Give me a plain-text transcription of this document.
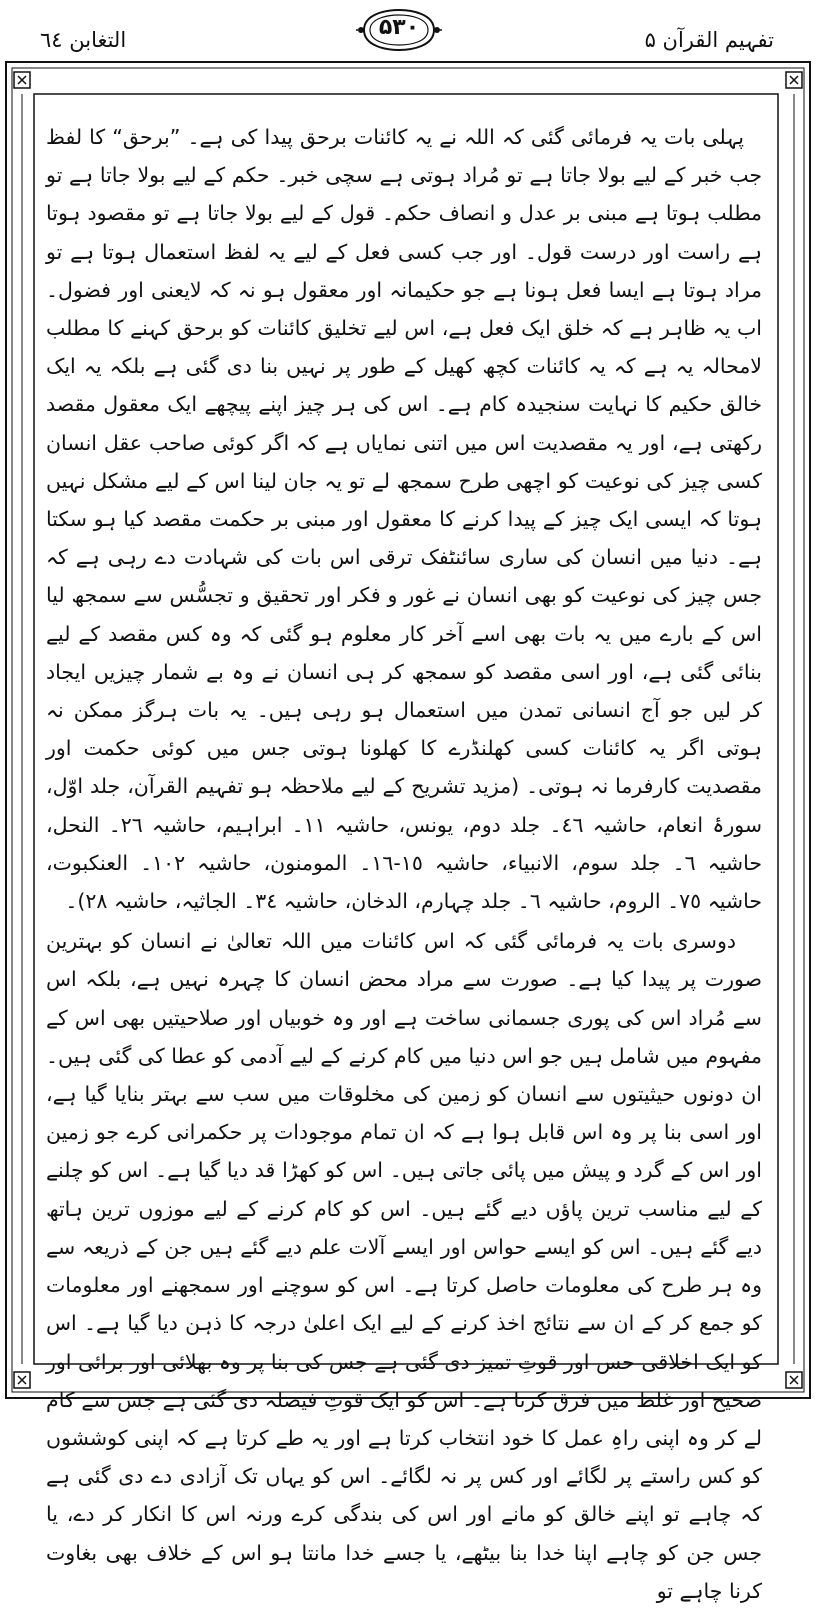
التغابن ٦٤	۵۳۰	تفہیم القرآن ۵

پہلی بات یہ فرمائی گئی کہ اللہ نے یہ کائنات برحق پیدا کی ہے۔ ”برحق“ کا لفظ جب خبر کے لیے بولا جاتا ہے تو مُراد ہوتی ہے سچی خبر۔ حکم کے لیے بولا جاتا ہے تو مطلب ہوتا ہے مبنی بر عدل و انصاف حکم۔ قول کے لیے بولا جاتا ہے تو مقصود ہوتا ہے راست اور درست قول۔ اور جب کسی فعل کے لیے یہ لفظ استعمال ہوتا ہے تو مراد ہوتا ہے ایسا فعل ہونا ہے جو حکیمانہ اور معقول ہو نہ کہ لایعنی اور فضول۔ اب یہ ظاہر ہے کہ خلق ایک فعل ہے، اس لیے تخلیق کائنات کو برحق کہنے کا مطلب لامحالہ یہ ہے کہ یہ کائنات کچھ کھیل کے طور پر نہیں بنا دی گئی ہے بلکہ یہ ایک خالق حکیم کا نہایت سنجیدہ کام ہے۔ اس کی ہر چیز اپنے پیچھے ایک معقول مقصد رکھتی ہے، اور یہ مقصدیت اس میں اتنی نمایاں ہے کہ اگر کوئی صاحب عقل انسان کسی چیز کی نوعیت کو اچھی طرح سمجھ لے تو یہ جان لینا اس کے لیے مشکل نہیں ہوتا کہ ایسی ایک چیز کے پیدا کرنے کا معقول اور مبنی بر حکمت مقصد کیا ہو سکتا ہے۔ دنیا میں انسان کی ساری سائنٹفک ترقی اس بات کی شہادت دے رہی ہے کہ جس چیز کی نوعیت کو بھی انسان نے غور و فکر اور تحقیق و تجسُّس سے سمجھ لیا اس کے بارے میں یہ بات بھی اسے آخر کار معلوم ہو گئی کہ وہ کس مقصد کے لیے بنائی گئی ہے، اور اسی مقصد کو سمجھ کر ہی انسان نے وہ بے شمار چیزیں ایجاد کر لیں جو آج انسانی تمدن میں استعمال ہو رہی ہیں۔ یہ بات ہرگز ممکن نہ ہوتی اگر یہ کائنات کسی کھلنڈرے کا کھلونا ہوتی جس میں کوئی حکمت اور مقصدیت کارفرما نہ ہوتی۔ (مزید تشریح کے لیے ملاحظہ ہو تفہیم القرآن، جلد اوّل، سورۂ انعام، حاشیہ ٤٦۔ جلد دوم، یونس، حاشیہ ١١۔ ابراہیم، حاشیہ ٢٦۔ النحل، حاشیہ ٦۔ جلد سوم، الانبیاء، حاشیہ ١٥-١٦۔ المومنون، حاشیہ ١٠٢۔ العنکبوت، حاشیہ ٧٥۔ الروم، حاشیہ ٦۔ جلد چہارم، الدخان، حاشیہ ٣٤۔ الجاثیہ، حاشیہ ٢٨)۔

دوسری بات یہ فرمائی گئی کہ اس کائنات میں اللہ تعالیٰ نے انسان کو بہترین صورت پر پیدا کیا ہے۔ صورت سے مراد محض انسان کا چہرہ نہیں ہے، بلکہ اس سے مُراد اس کی پوری جسمانی ساخت ہے اور وہ خوبیاں اور صلاحیتیں بھی اس کے مفہوم میں شامل ہیں جو اس دنیا میں کام کرنے کے لیے آدمی کو عطا کی گئی ہیں۔ ان دونوں حیثیتوں سے انسان کو زمین کی مخلوقات میں سب سے بہتر بنایا گیا ہے، اور اسی بنا پر وہ اس قابل ہوا ہے کہ ان تمام موجودات پر حکمرانی کرے جو زمین اور اس کے گرد و پیش میں پائی جاتی ہیں۔ اس کو کھڑا قد دیا گیا ہے۔ اس کو چلنے کے لیے مناسب ترین پاؤں دیے گئے ہیں۔ اس کو کام کرنے کے لیے موزوں ترین ہاتھ دیے گئے ہیں۔ اس کو ایسے حواس اور ایسے آلات علم دیے گئے ہیں جن کے ذریعہ سے وہ ہر طرح کی معلومات حاصل کرتا ہے۔ اس کو سوچنے اور سمجھنے اور معلومات کو جمع کر کے ان سے نتائج اخذ کرنے کے لیے ایک اعلیٰ درجہ کا ذہن دیا گیا ہے۔ اس کو ایک اخلاقی حس اور قوتِ تمیز دی گئی ہے جس کی بنا پر وہ بھلائی اور برائی اور صحیح اور غلط میں فرق کرتا ہے۔ اس کو ایک قوتِ فیصلہ دی گئی ہے جس سے کام لے کر وہ اپنی راہِ عمل کا خود انتخاب کرتا ہے اور یہ طے کرتا ہے کہ اپنی کوششوں کو کس راستے پر لگائے اور کس پر نہ لگائے۔ اس کو یہاں تک آزادی دے دی گئی ہے کہ چاہے تو اپنے خالق کو مانے اور اس کی بندگی کرے ورنہ اس کا انکار کر دے، یا جس جن کو چاہے اپنا خدا بنا بیٹھے، یا جسے خدا مانتا ہو اس کے خلاف بھی بغاوت کرنا چاہے تو
